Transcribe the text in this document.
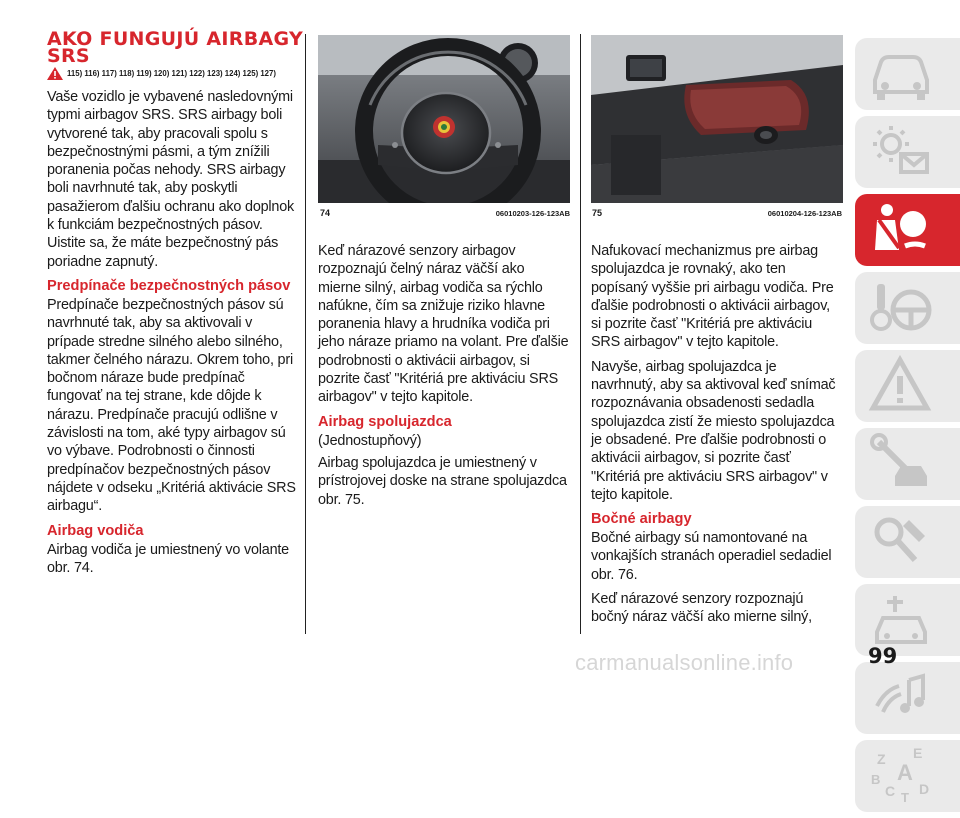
AKO FUNGUJÚ AIRBAGY SRS
115) 116) 117) 118) 119) 120) 121) 122) 123) 124) 125) 127)

Vaše vozidlo je vybavené nasledovnými typmi airbagov SRS. SRS airbagy boli vytvorené tak, aby pracovali spolu s bezpečnostnými pásmi, a tým znížili poranenia počas nehody. SRS airbagy boli navrhnuté tak, aby poskytli pasažierom ďalšiu ochranu ako doplnok k funkciám bezpečnostných pásov. Uistite sa, že máte bezpečnostný pás poriadne zapnutý.

Predpínače bezpečnostných pásov

Predpínače bezpečnostných pásov sú navrhnuté tak, aby sa aktivovali v prípade stredne silného alebo silného, takmer čelného nárazu. Okrem toho, pri bočnom náraze bude predpínač fungovať na tej strane, kde dôjde k nárazu. Predpínače pracujú odlišne v závislosti na tom, aké typy airbagov sú vo výbave. Podrobnosti o činnosti predpínačov bezpečnostných pásov nájdete v odseku „Kritériá aktivácie SRS airbagu“.

Airbag vodiča

Airbag vodiča je umiestnený vo volante obr. 74.

74	06010203-126-123AB

Keď nárazové senzory airbagov rozpoznajú čelný náraz väčší ako mierne silný, airbag vodiča sa rýchlo nafúkne, čím sa znižuje riziko hlavne poranenia hlavy a hrudníka vodiča pri jeho náraze priamo na volant. Pre ďalšie podrobnosti o aktivácii airbagov, si pozrite časť "Kritériá pre aktiváciu SRS airbagov" v tejto kapitole.

Airbag spolujazdca

(Jednostupňový)

Airbag spolujazdca je umiestnený v prístrojovej doske na strane spolujazdca obr. 75.

75	06010204-126-123AB

Nafukovací mechanizmus pre airbag spolujazdca je rovnaký, ako ten popísaný vyššie pri airbagu vodiča. Pre ďalšie podrobnosti o aktivácii airbagov, si pozrite časť "Kritériá pre aktiváciu SRS airbagov" v tejto kapitole.

Navyše, airbag spolujazdca je navrhnutý, aby sa aktivoval keď snímač rozpoznávania obsadenosti sedadla spolujazdca zistí že miesto spolujazdca je obsadené. Pre ďalšie podrobnosti o aktivácii airbagov, si pozrite časť "Kritériá pre aktiváciu SRS airbagov" v tejto kapitole.

Bočné airbagy

Bočné airbagy sú namontované na vonkajších stranách operadiel sedadiel obr. 76.

Keď nárazové senzory rozpoznajú bočný náraz väčší ako mierne silný,

Z E
A
B
C T
D
carmanualsonline.info	99
